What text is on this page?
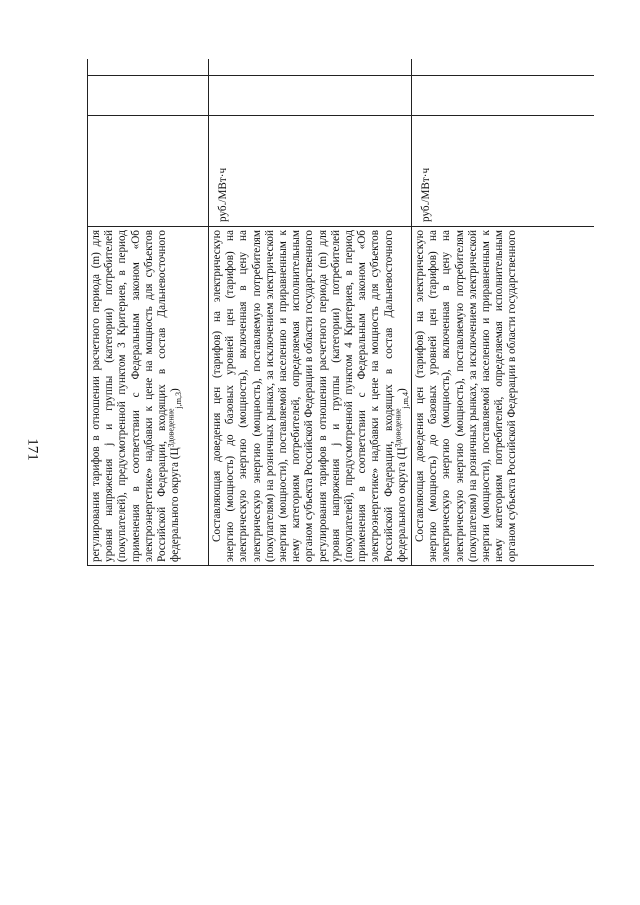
171	регулирования тарифов в отношении расчетного периода (m) для уровня напряжения j и группы (категории) потребителей (покупателей), предусмотренной пунктом 3 Критериев, в период применения в соответствии с Федеральным законом «Об электроэнергетике» надбавки к цене на мощность для субъектов Российской Федерации, входящих в состав Дальневосточного федерального округа $(Ц^{3доведение}_{j,m,3})$										
Составляющая доведения цен (тарифов) на электрическую энергию (мощность) до базовых уровней цен (тарифов) на электрическую энергию (мощность), включенная в цену на электрическую энергию (мощность), поставляемую потребителям (покупателям) на розничных рынках, за исключением электрической энергии (мощности), поставляемой населению и приравненным к нему категориям потребителей, определяемая исполнительным органом субъекта Российской Федерации в области государственного регулирования тарифов в отношении расчетного периода (m) для уровня напряжения j и группы (категории) потребителей (покупателей), предусмотренной пунктом 4 Критериев, в период применения в соответствии с Федеральным законом «Об электроэнергетике» надбавки к цене на мощность для субъектов Российской Федерации, входящих в состав Дальневосточного федерального округа $(Ц^{3доведение}_{j,m,4})$	руб./МВт·ч									
Составляющая доведения цен (тарифов) на электрическую энергию (мощность) до базовых уровней цен (тарифов) на электрическую энергию (мощность), включенная в цену на электрическую энергию (мощность), поставляемую потребителям (покупателям) на розничных рынках, за исключением электрической энергии (мощности), поставляемой населению и приравненным к нему категориям потребителей, определяемая исполнительным органом субъекта Российской Федерации в области государственного	руб./МВт·ч									
